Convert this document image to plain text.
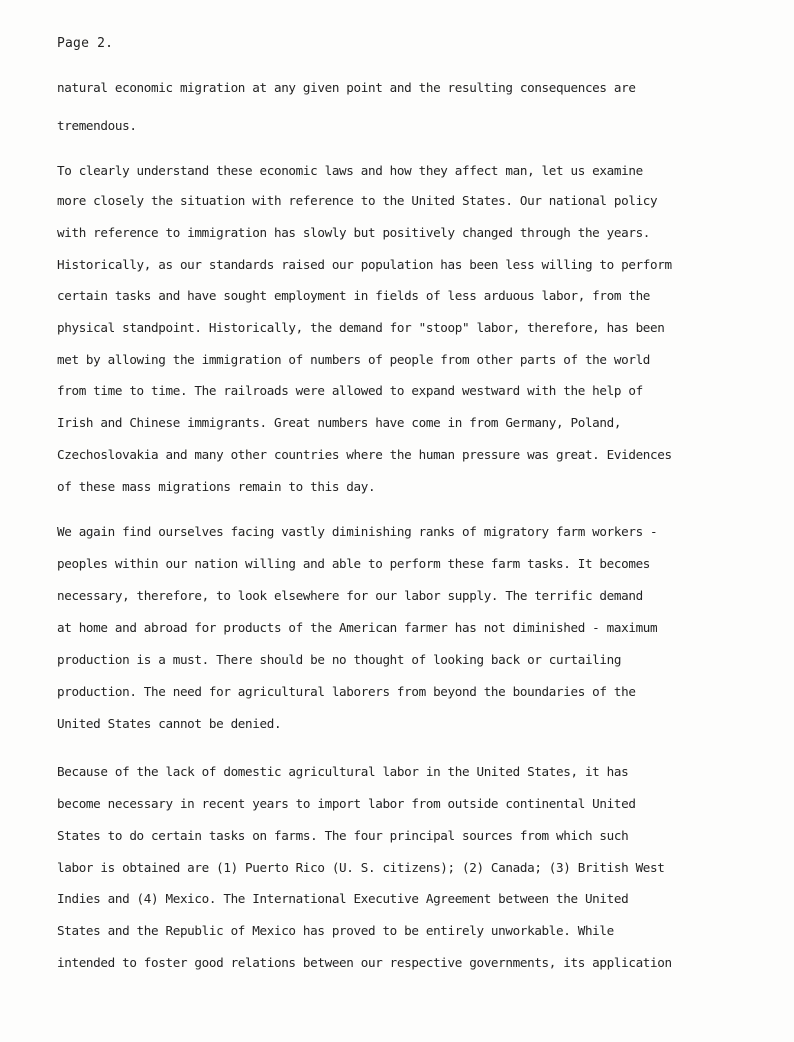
Page 2.
natural economic migration at any given point and the resulting consequences are
tremendous.
To clearly understand these economic laws and how they affect man, let us examine
more closely the situation with reference to the United States. Our national policy
with reference to immigration has slowly but positively changed through the years.
Historically, as our standards raised our population has been less willing to perform
certain tasks and have sought employment in fields of less arduous labor, from the
physical standpoint. Historically, the demand for "stoop" labor, therefore, has been
met by allowing the immigration of numbers of people from other parts of the world
from time to time. The railroads were allowed to expand westward with the help of
Irish and Chinese immigrants. Great numbers have come in from Germany, Poland,
Czechoslovakia and many other countries where the human pressure was great. Evidences
of these mass migrations remain to this day.
We again find ourselves facing vastly diminishing ranks of migratory farm workers -
peoples within our nation willing and able to perform these farm tasks. It becomes
necessary, therefore, to look elsewhere for our labor supply. The terrific demand
at home and abroad for products of the American farmer has not diminished - maximum
production is a must. There should be no thought of looking back or curtailing
production. The need for agricultural laborers from beyond the boundaries of the
United States cannot be denied.
Because of the lack of domestic agricultural labor in the United States, it has
become necessary in recent years to import labor from outside continental United
States to do certain tasks on farms. The four principal sources from which such
labor is obtained are (1) Puerto Rico (U. S. citizens); (2) Canada; (3) British West
Indies and (4) Mexico. The International Executive Agreement between the United
States and the Republic of Mexico has proved to be entirely unworkable. While
intended to foster good relations between our respective governments, its application
